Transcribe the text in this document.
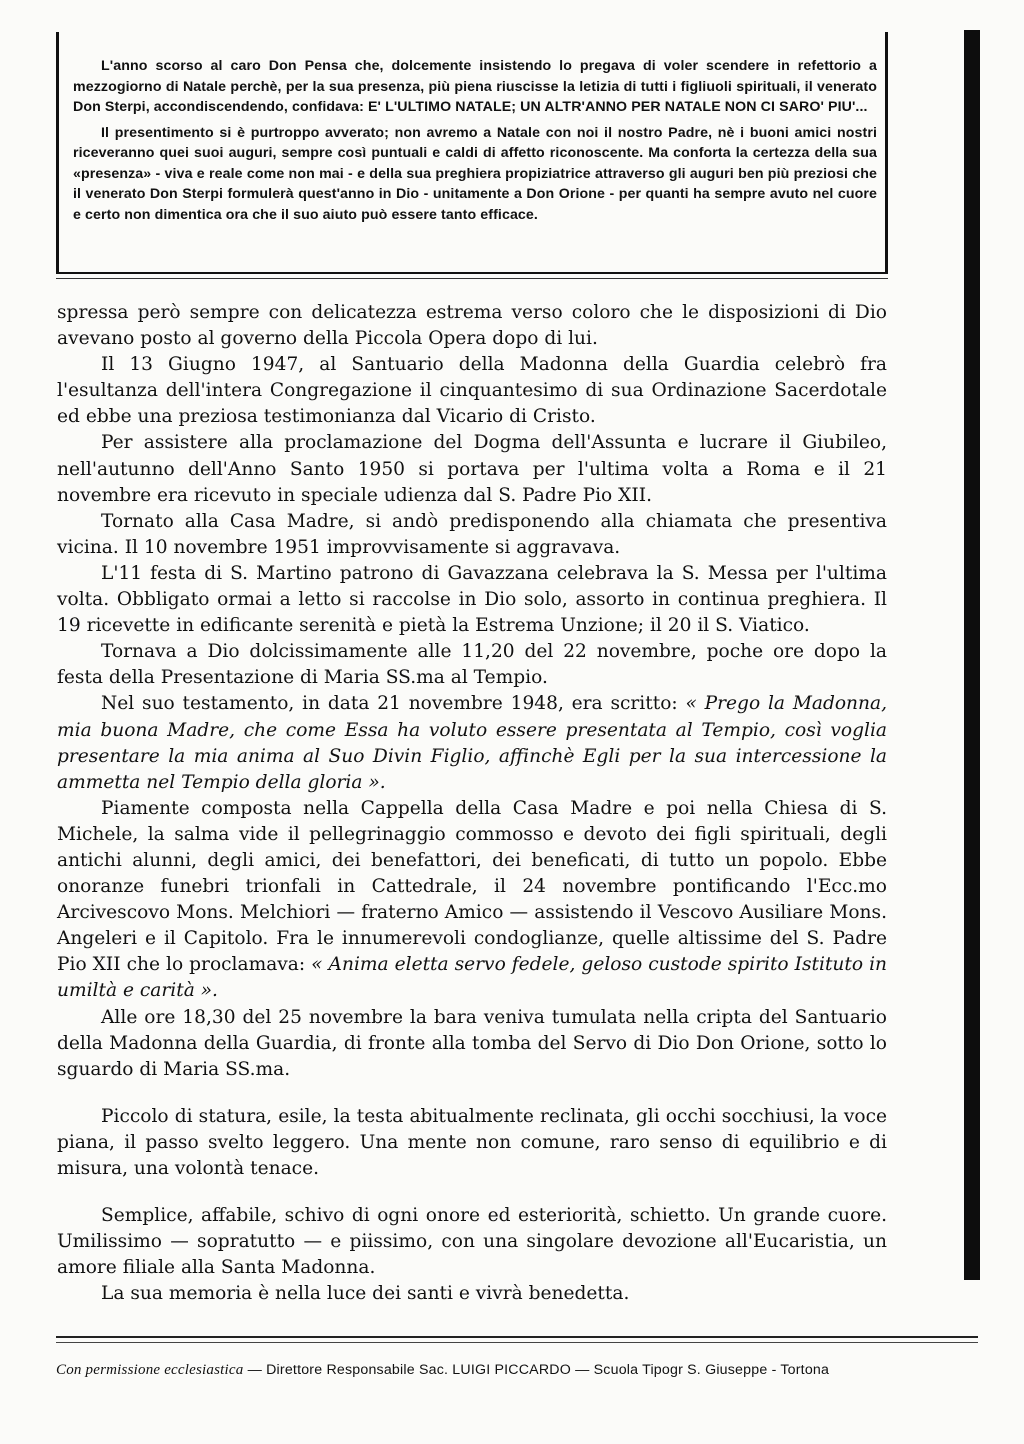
L'anno scorso al caro Don Pensa che, dolcemente insistendo lo pregava di voler scendere in refettorio a mezzogiorno di Natale perchè, per la sua presenza, più piena riuscisse la letizia di tutti i figliuoli spirituali, il venerato Don Sterpi, accondiscendendo, confidava: E' L'ULTIMO NATALE; UN ALTR'ANNO PER NATALE NON CI SARO' PIU'...

Il presentimento si è purtroppo avverato; non avremo a Natale con noi il nostro Padre, nè i buoni amici nostri riceveranno quei suoi auguri, sempre così puntuali e caldi di affetto riconoscente. Ma conforta la certezza della sua «presenza» - viva e reale come non mai - e della sua preghiera propiziatrice attraverso gli auguri ben più preziosi che il venerato Don Sterpi formulerà quest'anno in Dio - unitamente a Don Orione - per quanti ha sempre avuto nel cuore e certo non dimentica ora che il suo aiuto può essere tanto efficace.

spressa però sempre con delicatezza estrema verso coloro che le disposizioni di Dio avevano posto al governo della Piccola Opera dopo di lui.

Il 13 Giugno 1947, al Santuario della Madonna della Guardia celebrò fra l'esultanza dell'intera Congregazione il cinquantesimo di sua Ordinazione Sacerdotale ed ebbe una preziosa testimonianza dal Vicario di Cristo.

Per assistere alla proclamazione del Dogma dell'Assunta e lucrare il Giubileo, nell'autunno dell'Anno Santo 1950 si portava per l'ultima volta a Roma e il 21 novembre era ricevuto in speciale udienza dal S. Padre Pio XII.

Tornato alla Casa Madre, si andò predisponendo alla chiamata che presentiva vicina. Il 10 novembre 1951 improvvisamente si aggravava.

L'11 festa di S. Martino patrono di Gavazzana celebrava la S. Messa per l'ultima volta. Obbligato ormai a letto si raccolse in Dio solo, assorto in continua preghiera. Il 19 ricevette in edificante serenità e pietà la Estrema Unzione; il 20 il S. Viatico.

Tornava a Dio dolcissimamente alle 11,20 del 22 novembre, poche ore dopo la festa della Presentazione di Maria SS.ma al Tempio.

Nel suo testamento, in data 21 novembre 1948, era scritto: « Prego la Madonna, mia buona Madre, che come Essa ha voluto essere presentata al Tempio, così voglia presentare la mia anima al Suo Divin Figlio, affinchè Egli per la sua intercessione la ammetta nel Tempio della gloria ».

Piamente composta nella Cappella della Casa Madre e poi nella Chiesa di S. Michele, la salma vide il pellegrinaggio commosso e devoto dei figli spirituali, degli antichi alunni, degli amici, dei benefattori, dei beneficati, di tutto un popolo. Ebbe onoranze funebri trionfali in Cattedrale, il 24 novembre pontificando l'Ecc.mo Arcivescovo Mons. Melchiori — fraterno Amico — assistendo il Vescovo Ausiliare Mons. Angeleri e il Capitolo. Fra le innumerevoli condoglianze, quelle altissime del S. Padre Pio XII che lo proclamava: « Anima eletta servo fedele, geloso custode spirito Istituto in umiltà e carità ».

Alle ore 18,30 del 25 novembre la bara veniva tumulata nella cripta del Santuario della Madonna della Guardia, di fronte alla tomba del Servo di Dio Don Orione, sotto lo sguardo di Maria SS.ma.

Piccolo di statura, esile, la testa abitualmente reclinata, gli occhi socchiusi, la voce piana, il passo svelto leggero. Una mente non comune, raro senso di equilibrio e di misura, una volontà tenace.

Semplice, affabile, schivo di ogni onore ed esteriorità, schietto. Un grande cuore. Umilissimo — sopratutto — e piissimo, con una singolare devozione all'Eucaristia, un amore filiale alla Santa Madonna.

La sua memoria è nella luce dei santi e vivrà benedetta.

Con permissione ecclesiastica — Direttore Responsabile Sac. LUIGI PICCARDO — Scuola Tipogr S. Giuseppe - Tortona
